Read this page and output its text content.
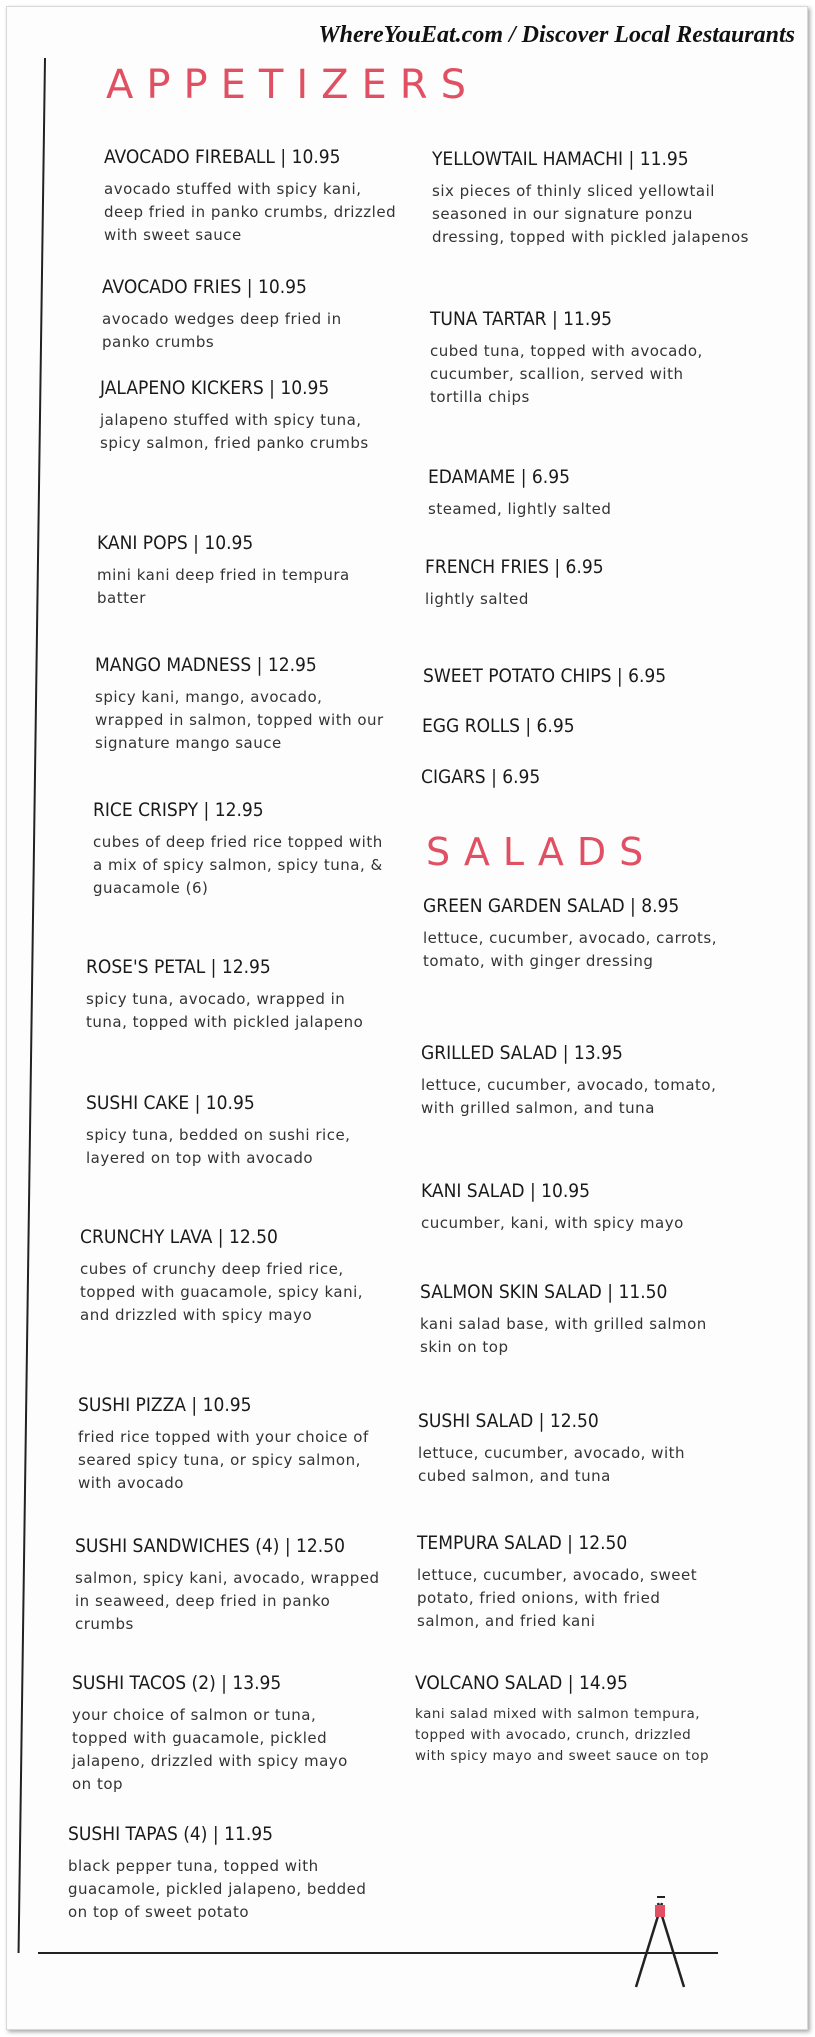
WhereYouEat.com / Discover Local Restaurants
APPETIZERS
AVOCADO FIREBALL | 10.95
avocado stuffed with spicy kani, deep fried in panko crumbs, drizzled with sweet sauce
AVOCADO FRIES | 10.95
avocado wedges deep fried in panko crumbs
JALAPENO KICKERS | 10.95
jalapeno stuffed with spicy tuna, spicy salmon, fried panko crumbs
KANI POPS | 10.95
mini kani deep fried in tempura batter
MANGO MADNESS | 12.95
spicy kani, mango, avocado, wrapped in salmon, topped with our signature mango sauce
RICE CRISPY | 12.95
cubes of deep fried rice topped with a mix of spicy salmon, spicy tuna, & guacamole (6)
ROSE'S PETAL | 12.95
spicy tuna, avocado, wrapped in tuna, topped with pickled jalapeno
SUSHI CAKE | 10.95
spicy tuna, bedded on sushi rice, layered on top with avocado
CRUNCHY LAVA | 12.50
cubes of crunchy deep fried rice, topped with guacamole, spicy kani, and drizzled with spicy mayo
SUSHI PIZZA | 10.95
fried rice topped with your choice of seared spicy tuna, or spicy salmon, with avocado
SUSHI SANDWICHES (4) | 12.50
salmon, spicy kani, avocado, wrapped in seaweed, deep fried in panko crumbs
SUSHI TACOS (2) | 13.95
your choice of salmon or tuna, topped with guacamole, pickled jalapeno, drizzled with spicy mayo on top
SUSHI TAPAS (4) | 11.95
black pepper tuna, topped with guacamole, pickled jalapeno, bedded on top of sweet potato
YELLOWTAIL HAMACHI | 11.95
six pieces of thinly sliced yellowtail seasoned in our signature ponzu dressing, topped with pickled jalapenos
TUNA TARTAR | 11.95
cubed tuna, topped with avocado, cucumber, scallion, served with tortilla chips
EDAMAME | 6.95
steamed, lightly salted
FRENCH FRIES | 6.95
lightly salted
SWEET POTATO CHIPS | 6.95
EGG ROLLS | 6.95
CIGARS | 6.95
SALADS
GREEN GARDEN SALAD | 8.95
lettuce, cucumber, avocado, carrots, tomato, with ginger dressing
GRILLED SALAD | 13.95
lettuce, cucumber, avocado, tomato, with grilled salmon, and tuna
KANI SALAD | 10.95
cucumber, kani, with spicy mayo
SALMON SKIN SALAD | 11.50
kani salad base, with grilled salmon skin on top
SUSHI SALAD | 12.50
lettuce, cucumber, avocado, with cubed salmon, and tuna
TEMPURA SALAD | 12.50
lettuce, cucumber, avocado, sweet potato, fried onions, with fried salmon, and fried kani
VOLCANO SALAD | 14.95
kani salad mixed with salmon tempura, topped with avocado, crunch, drizzled with spicy mayo and sweet sauce on top
